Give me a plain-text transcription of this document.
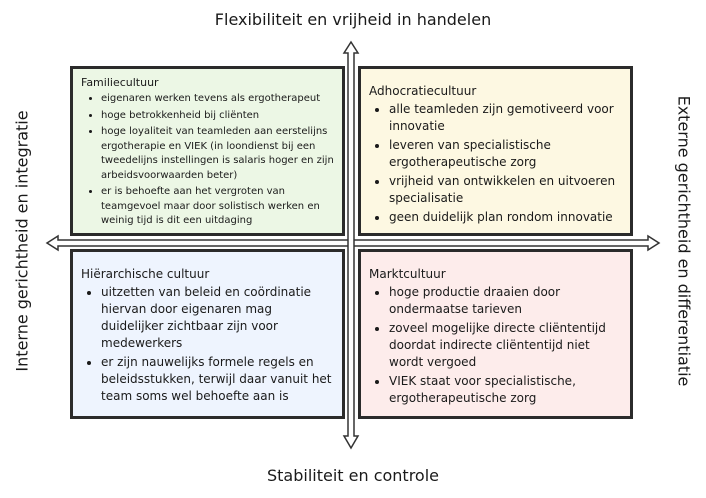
Flexibiliteit en vrijheid in handelen
Stabiliteit en controle
Interne gerichtheid en integratie	Externe gerichtheid en differentiatie
Familiecultuur
• eigenaren werken tevens als ergotherapeut
• hoge betrokkenheid bij cliënten
• hoge loyaliteit van teamleden aan eerstelijns ergotherapie en VIEK (in loondienst bij een tweedelijns instellingen is salaris hoger en zijn arbeidsvoorwaarden beter)
• er is behoefte aan het vergroten van teamgevoel maar door solistisch werken en weinig tijd is dit een uitdaging
Adhocratiecultuur
• alle teamleden zijn gemotiveerd voor innovatie
• leveren van specialistische ergotherapeutische zorg
• vrijheid van ontwikkelen en uitvoeren specialisatie
• geen duidelijk plan rondom innovatie
Hiërarchische cultuur
• uitzetten van beleid en coördinatie hiervan door eigenaren mag duidelijker zichtbaar zijn voor medewerkers
• er zijn nauwelijks formele regels en beleidsstukken, terwijl daar vanuit het team soms wel behoefte aan is
Marktcultuur
• hoge productie draaien door ondermaatse tarieven
• zoveel mogelijke directe cliëntentijd doordat indirecte cliëntentijd niet wordt vergoed
• VIEK staat voor specialistische, ergotherapeutische zorg
